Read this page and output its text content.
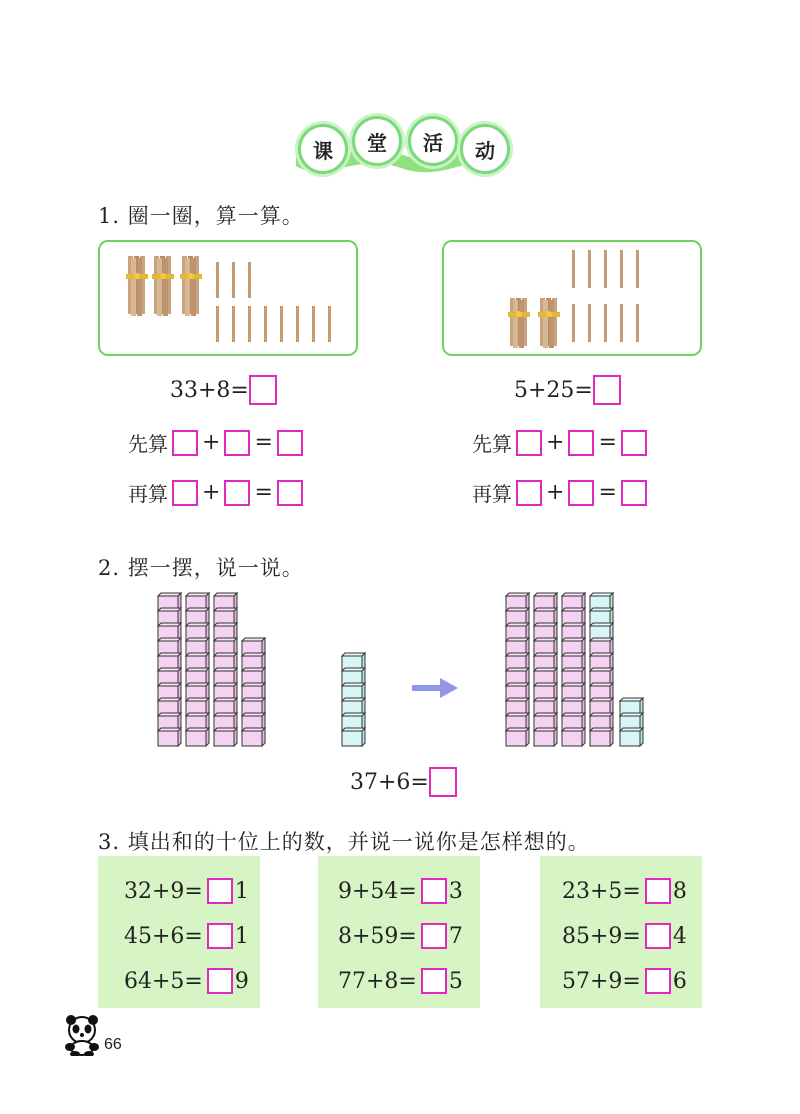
课	堂	活	动
1. 圈一圈，算一算。
33+8=
先算 + =
再算 + =
5+25=
先算 + =
再算 + =
2. 摆一摆，说一说。
37+6=
3. 填出和的十位上的数，并说一说你是怎样想的。
32+9= 1
45+6= 1
64+5= 9
9+54= 3
8+59= 7
77+8= 5
23+5= 8
85+9= 4
57+9= 6
66
